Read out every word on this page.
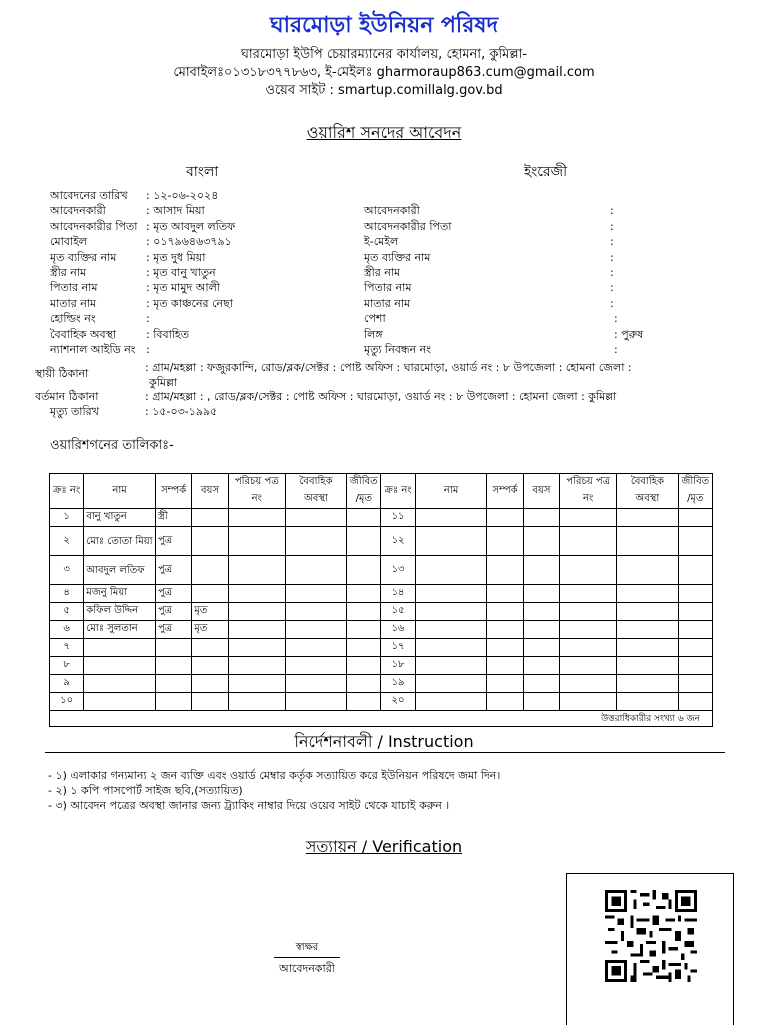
ঘারমোড়া ইউনিয়ন পরিষদ
ঘারমোড়া ইউপি চেয়ারম্যানের কার্যালয়, হোমনা, কুমিল্লা-
মোবাইলঃ০১৩১৮৩৭৭৮৬৩, ই-মেইলঃ gharmoraup863.cum@gmail.com
ওয়েব সাইট : smartup.comillalg.gov.bd
ওয়ারিশ সনদের আবেদন
বাংলা	ইংরেজী
আবেদনের তারিখ : ১২-০৬-২০২৪
আবেদনকারী	: আসাদ মিয়া
আবেদনকারীর পিতা : মৃত আবদুল লতিফ
মোবাইল	: ০১৭৯৬৪৬৩৭৯১
মৃত ব্যক্তির নাম	: মৃত দুধ মিয়া
স্ত্রীর নাম	: মৃত বানু খাতুন
পিতার নাম	: মৃত মামুদ আলী
মাতার নাম	: মৃত কাঞ্চনের নেছা
হোল্ডিং নং	:
বৈবাহিক অবস্থা	: বিবাহিত
ন্যাশনাল আইডি নং :
আবেদনকারী	:
আবেদনকারীর পিতা	:
ই-মেইল	:
মৃত ব্যক্তির নাম	:
স্ত্রীর নাম	:
পিতার নাম	:
মাতার নাম	:
পেশা	:
লিঙ্গ	: পুরুষ
মৃত্যু নিবন্ধন নং	:
স্থায়ী ঠিকানা	: গ্রাম/মহল্লা : ফজুরকান্দি, রোড/ব্লক/সেক্টর : পোষ্ট অফিস : ঘারমোড়া, ওয়ার্ড নং : ৮ উপজেলা : হোমনা জেলা :
কুমিল্লা
বর্তমান ঠিকানা	: গ্রাম/মহল্লা : , রোড/ব্লক/সেক্টর : পোষ্ট অফিস : ঘারমোড়া, ওয়ার্ড নং : ৮ উপজেলা : হোমনা জেলা : কুমিল্লা
মৃত্যু তারিখ	: ১৫-০৩-১৯৯৫
ওয়ারিশগনের তালিকাঃ-
ক্রঃ নং	নাম	সম্পর্ক	বয়স	পরিচয় পত্র নং	বৈবাহিক অবস্থা	জীবিত /মৃত	ক্রঃ নং	নাম	সম্পর্ক	বয়স	পরিচয় পত্র নং	বৈবাহিক অবস্থা	জীবিত /মৃত
১	বানু খাতুন	স্ত্রী					১১						
২	মোঃ তোতা মিয়া	পুত্র					১২						
৩	আবদুল লতিফ	পুত্র					১৩						
৪	মজনু মিয়া	পুত্র					১৪						
৫	কফিল উদ্দিন	পুত্র	মৃত				১৫						
৬	মোঃ সুলতান	পুত্র	মৃত				১৬						
৭							১৭						
৮							১৮						
৯							১৯						
১০							২০						
উত্তরাধিকারীর সংখ্যা ৬ জন													
নির্দেশনাবলী / Instruction
- ১) এলাকার গন্যমান্য ২ জন ব্যক্তি এবং ওয়ার্ড মেম্বার কর্তৃক সত্যায়িত করে ইউনিয়ন পরিষদে জমা দিন।
- ২) ১ কপি পাসপোর্ট সাইজ ছবি,(সত্যায়িত)
- ৩) আবেদন পত্রের অবস্থা জানার জন্য ট্র্যাকিং নাম্বার দিয়ে ওয়েব সাইট থেকে যাচাই করুন ।
সত্যায়ন / Verification
স্বাক্ষর
আবেদনকারী
